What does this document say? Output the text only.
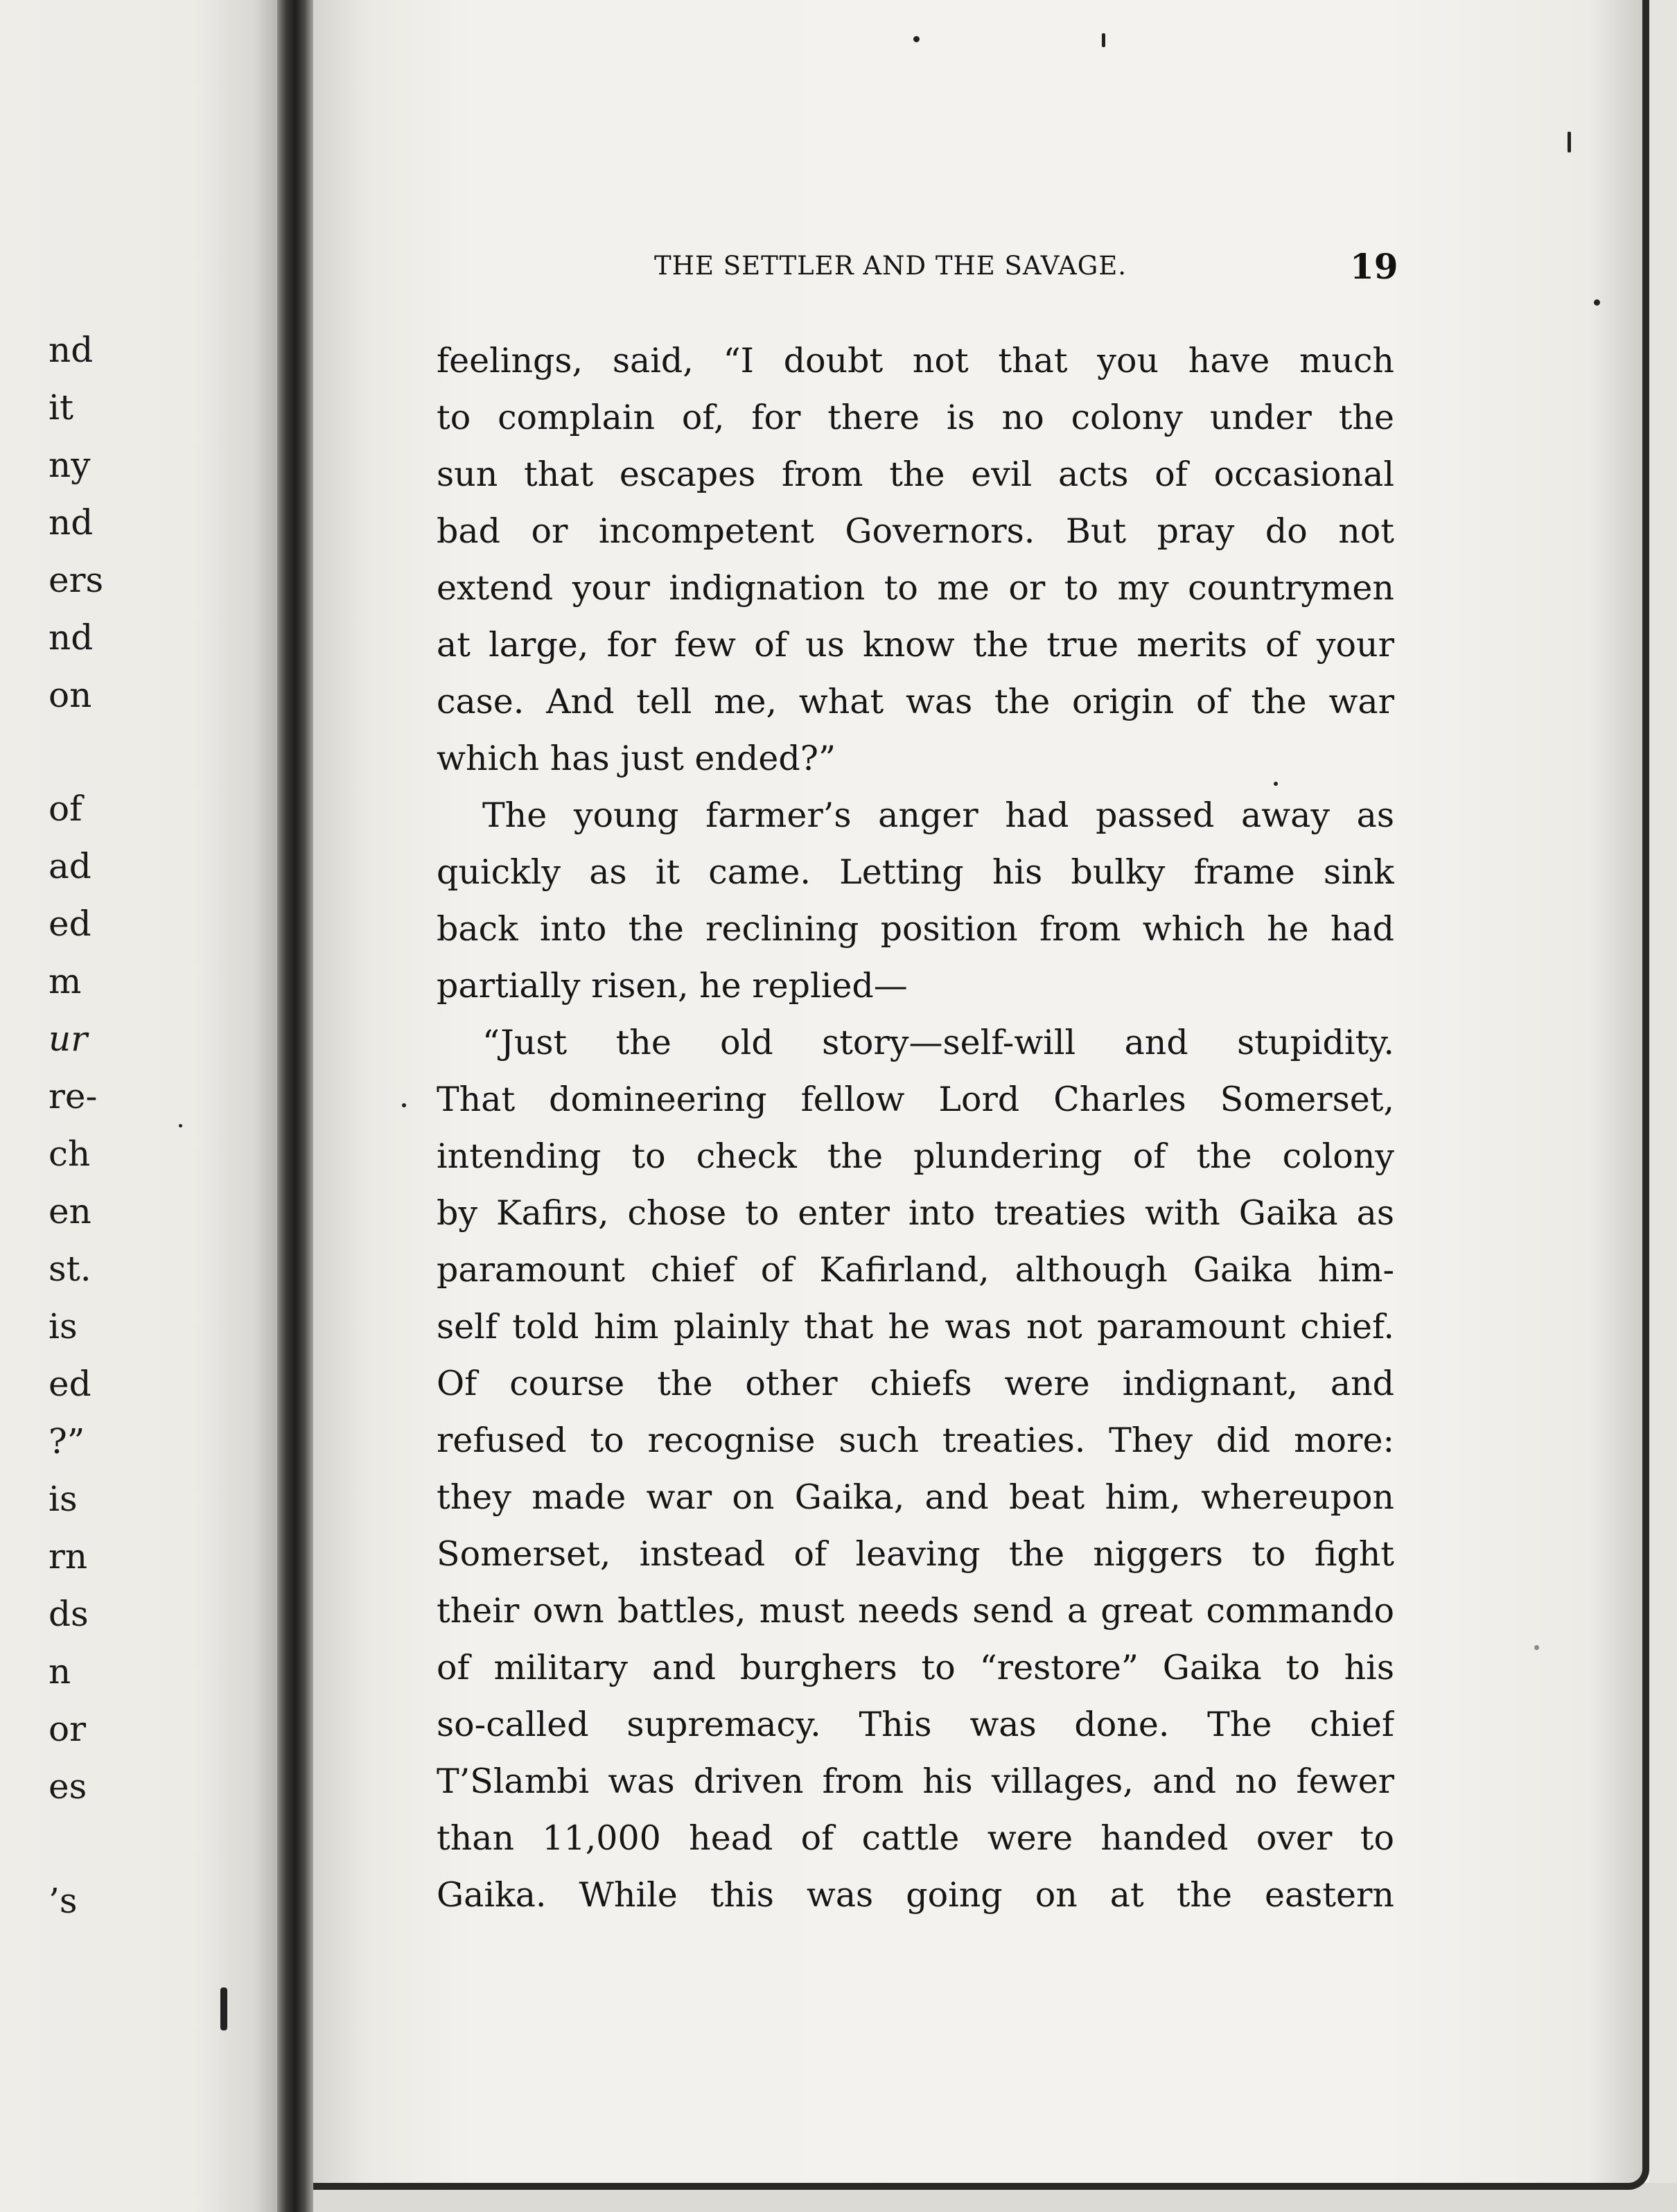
nd
it
ny
nd
ers
nd
on
of
ad
ed
m
ur
re-
ch
en
st.
is
ed
?”
is
rn
ds
n
or
es
’s
THE SETTLER AND THE SAVAGE.	19
feelings, said, “I doubt not that you have much
to complain of, for there is no colony under the
sun that escapes from the evil acts of occasional
bad or incompetent Governors. But pray do not
extend your indignation to me or to my countrymen
at large, for few of us know the true merits of your
case. And tell me, what was the origin of the war
which has just ended?”
The young farmer’s anger had passed away as
quickly as it came. Letting his bulky frame sink
back into the reclining position from which he had
partially risen, he replied—
“Just the old story—self-will and stupidity.
That domineering fellow Lord Charles Somerset,
intending to check the plundering of the colony
by Kafirs, chose to enter into treaties with Gaika as
paramount chief of Kafirland, although Gaika him-
self told him plainly that he was not paramount chief.
Of course the other chiefs were indignant, and
refused to recognise such treaties. They did more:
they made war on Gaika, and beat him, whereupon
Somerset, instead of leaving the niggers to fight
their own battles, must needs send a great commando
of military and burghers to “restore” Gaika to his
so-called supremacy. This was done. The chief
T’Slambi was driven from his villages, and no fewer
than 11,000 head of cattle were handed over to
Gaika. While this was going on at the eastern
